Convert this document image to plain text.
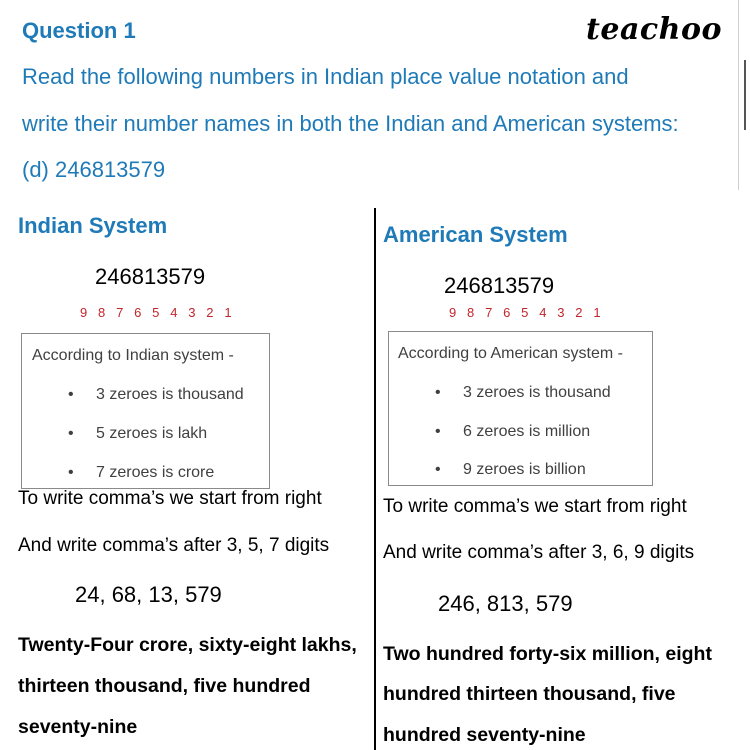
Question 1	teachoo
Read the following numbers in Indian place value notation and
write their number names in both the Indian and American systems:
(d) 246813579
Indian System
246813579
9 8 7 6 5 4 3 2 1
According to Indian system -
• 3 zeroes is thousand
• 5 zeroes is lakh
• 7 zeroes is crore
To write comma’s we start from right
And write comma’s after 3, 5, 7 digits
24, 68, 13, 579
Twenty-Four crore, sixty-eight lakhs,
thirteen thousand, five hundred
seventy-nine
American System
246813579
9 8 7 6 5 4 3 2 1
According to American system -
• 3 zeroes is thousand
• 6 zeroes is million
• 9 zeroes is billion
To write comma’s we start from right
And write comma’s after 3, 6, 9 digits
246, 813, 579
Two hundred forty-six million, eight
hundred thirteen thousand, five
hundred seventy-nine
